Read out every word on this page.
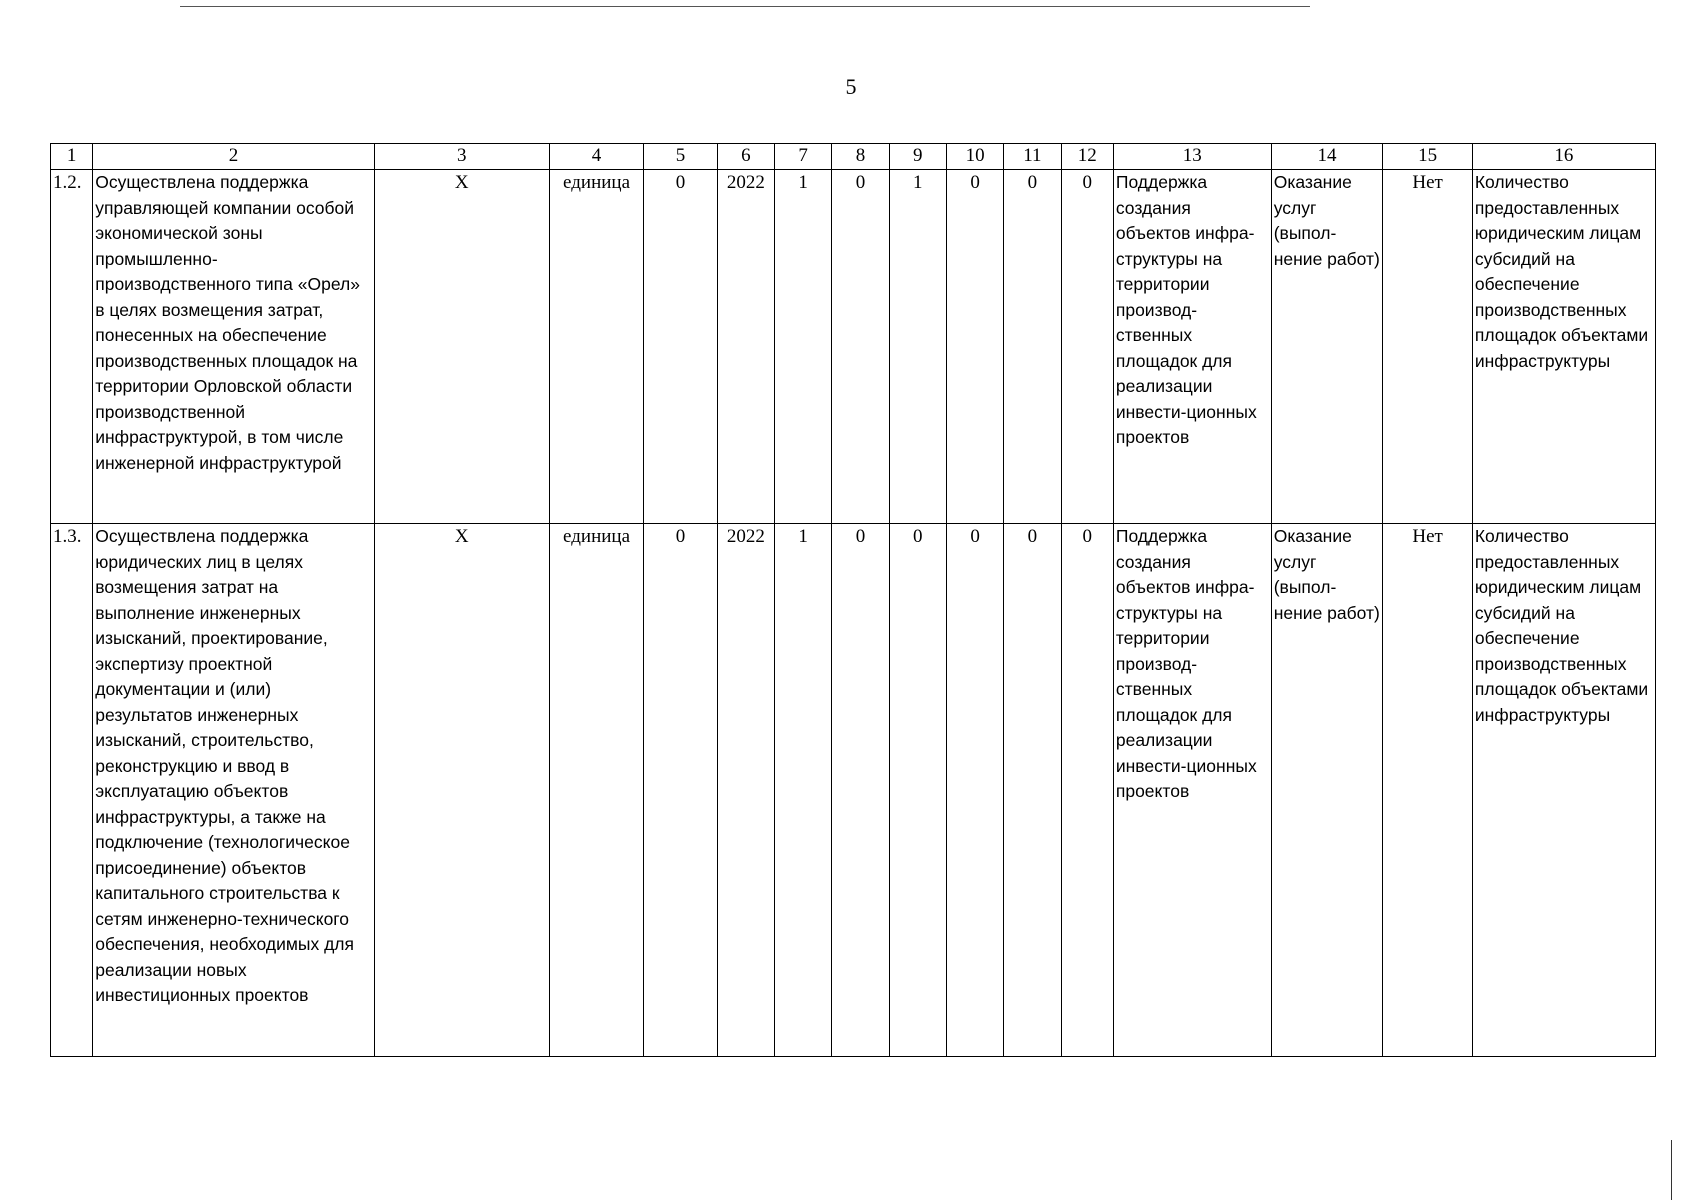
5
1	2	3	4	5	6	7	8	9	10	11	12	13	14	15	16
1.2.	Осуществлена поддержка управляющей компании особой экономической зоны промышленно-производственного типа «Орел» в целях возмещения затрат, понесенных на обеспечение производственных площадок на территории Орловской области производственной инфраструктурой, в том числе инженерной инфраструктурой	X	единица	0	2022	1	0	1	0	0	0	Поддержка создания объектов инфра-структуры на территории производ-ственных площадок для реализации инвести-ционных проектов	Оказание услуг (выпол-нение работ)	Нет	Количество предоставленных юридическим лицам субсидий на обеспечение производственных площадок объектами инфраструктуры
1.3.	Осуществлена поддержка юридических лиц в целях возмещения затрат на выполнение инженерных изысканий, проектирование, экспертизу проектной документации и (или) результатов инженерных изысканий, строительство, реконструкцию и ввод в эксплуатацию объектов инфраструктуры, а также на подключение (технологическое присоединение) объектов капитального строительства к сетям инженерно-технического обеспечения, необходимых для реализации новых инвестиционных проектов	X	единица	0	2022	1	0	0	0	0	0	Поддержка создания объектов инфра-структуры на территории производ-ственных площадок для реализации инвести-ционных проектов	Оказание услуг (выпол-нение работ)	Нет	Количество предоставленных юридическим лицам субсидий на обеспечение производственных площадок объектами инфраструктуры
